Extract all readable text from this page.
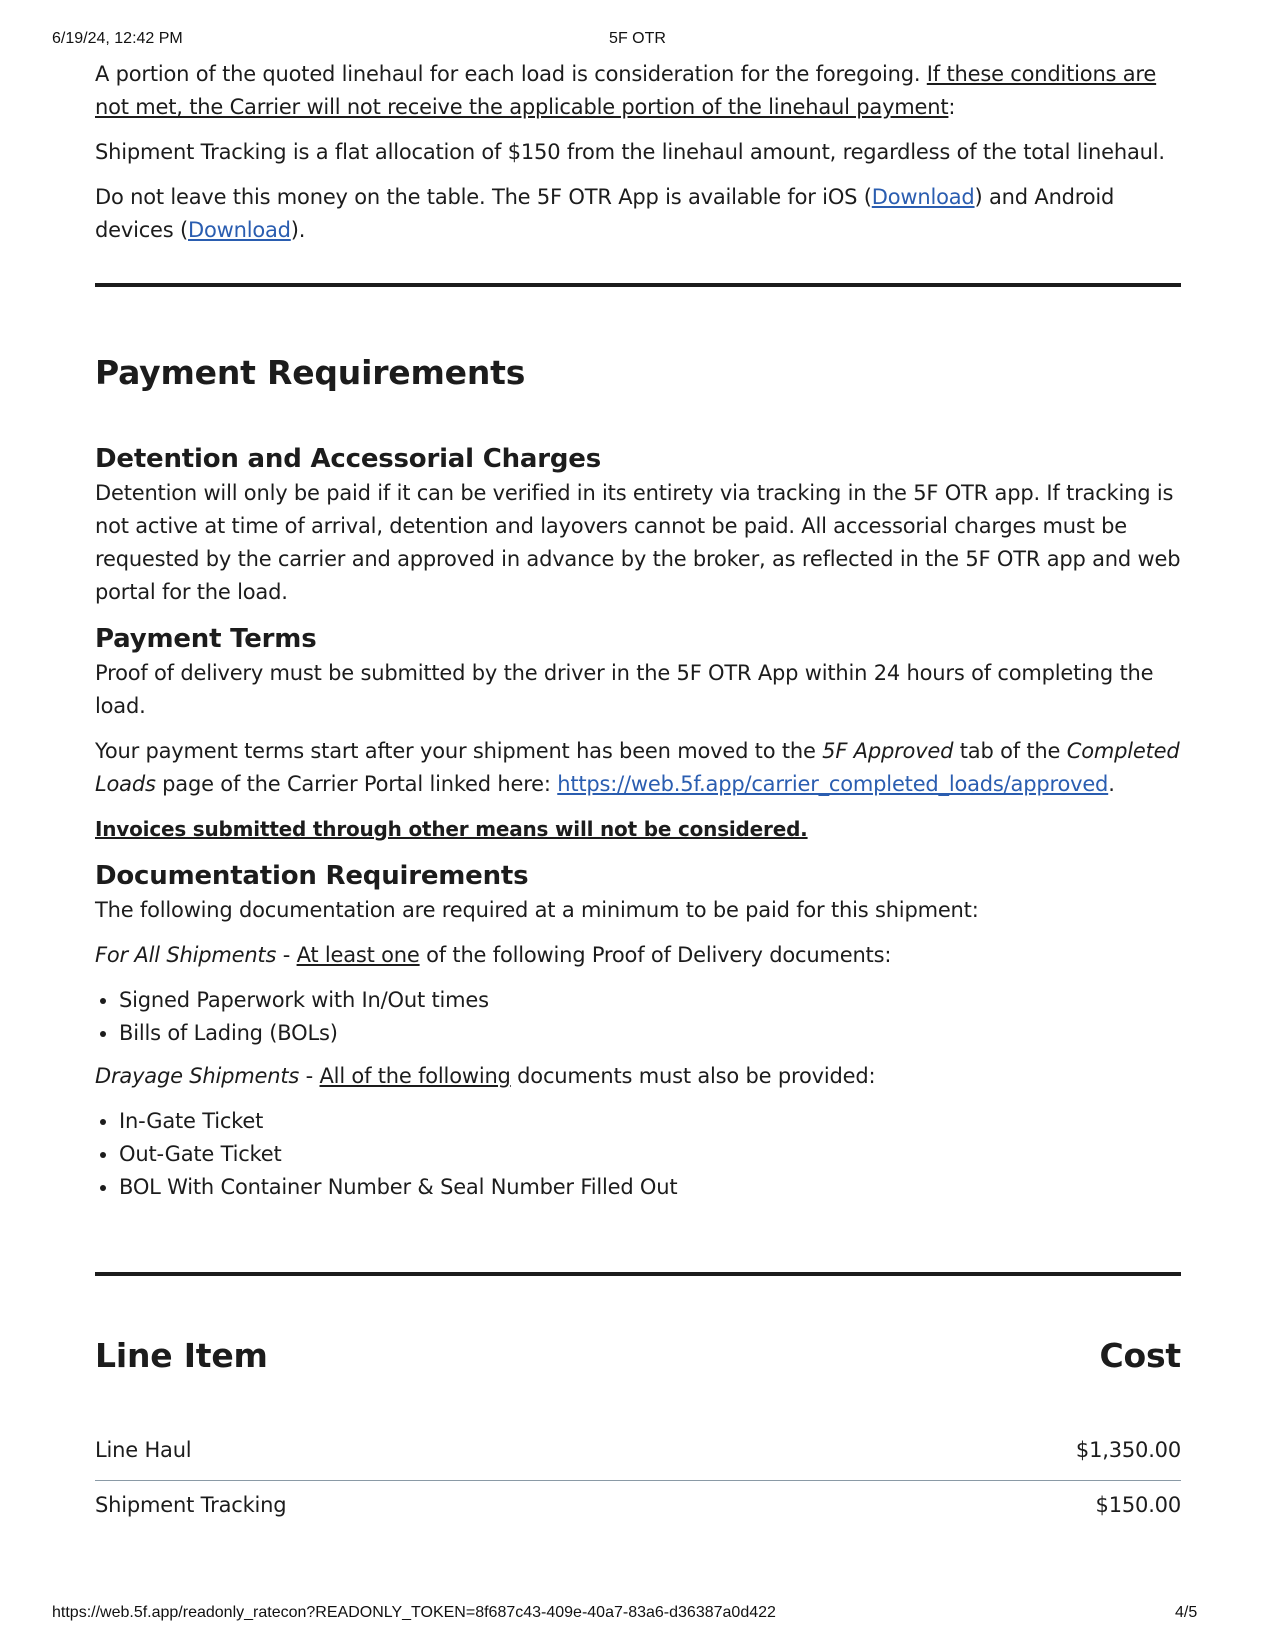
6/19/24, 12:42 PM	5F OTR

A portion of the quoted linehaul for each load is consideration for the foregoing. If these conditions are not met, the Carrier will not receive the applicable portion of the linehaul payment:

Shipment Tracking is a flat allocation of $150 from the linehaul amount, regardless of the total linehaul.

Do not leave this money on the table. The 5F OTR App is available for iOS (Download) and Android devices (Download).

Payment Requirements
Detention and Accessorial Charges

Detention will only be paid if it can be verified in its entirety via tracking in the 5F OTR app. If tracking is not active at time of arrival, detention and layovers cannot be paid. All accessorial charges must be requested by the carrier and approved in advance by the broker, as reflected in the 5F OTR app and web portal for the load.

Payment Terms

Proof of delivery must be submitted by the driver in the 5F OTR App within 24 hours of completing the load.

Your payment terms start after your shipment has been moved to the 5F Approved tab of the Completed Loads page of the Carrier Portal linked here: https://web.5f.app/carrier_completed_loads/approved.

Invoices submitted through other means will not be considered.

Documentation Requirements

The following documentation are required at a minimum to be paid for this shipment:

For All Shipments - At least one of the following Proof of Delivery documents:

• Signed Paperwork with In/Out times
• Bills of Lading (BOLs)

Drayage Shipments - All of the following documents must also be provided:

• In-Gate Ticket
• Out-Gate Ticket
• BOL With Container Number & Seal Number Filled Out
Line Item	Cost
Line Haul	$1,350.00
Shipment Tracking	$150.00
https://web.5f.app/readonly_ratecon?READONLY_TOKEN=8f687c43-409e-40a7-83a6-d36387a0d422	4/5
